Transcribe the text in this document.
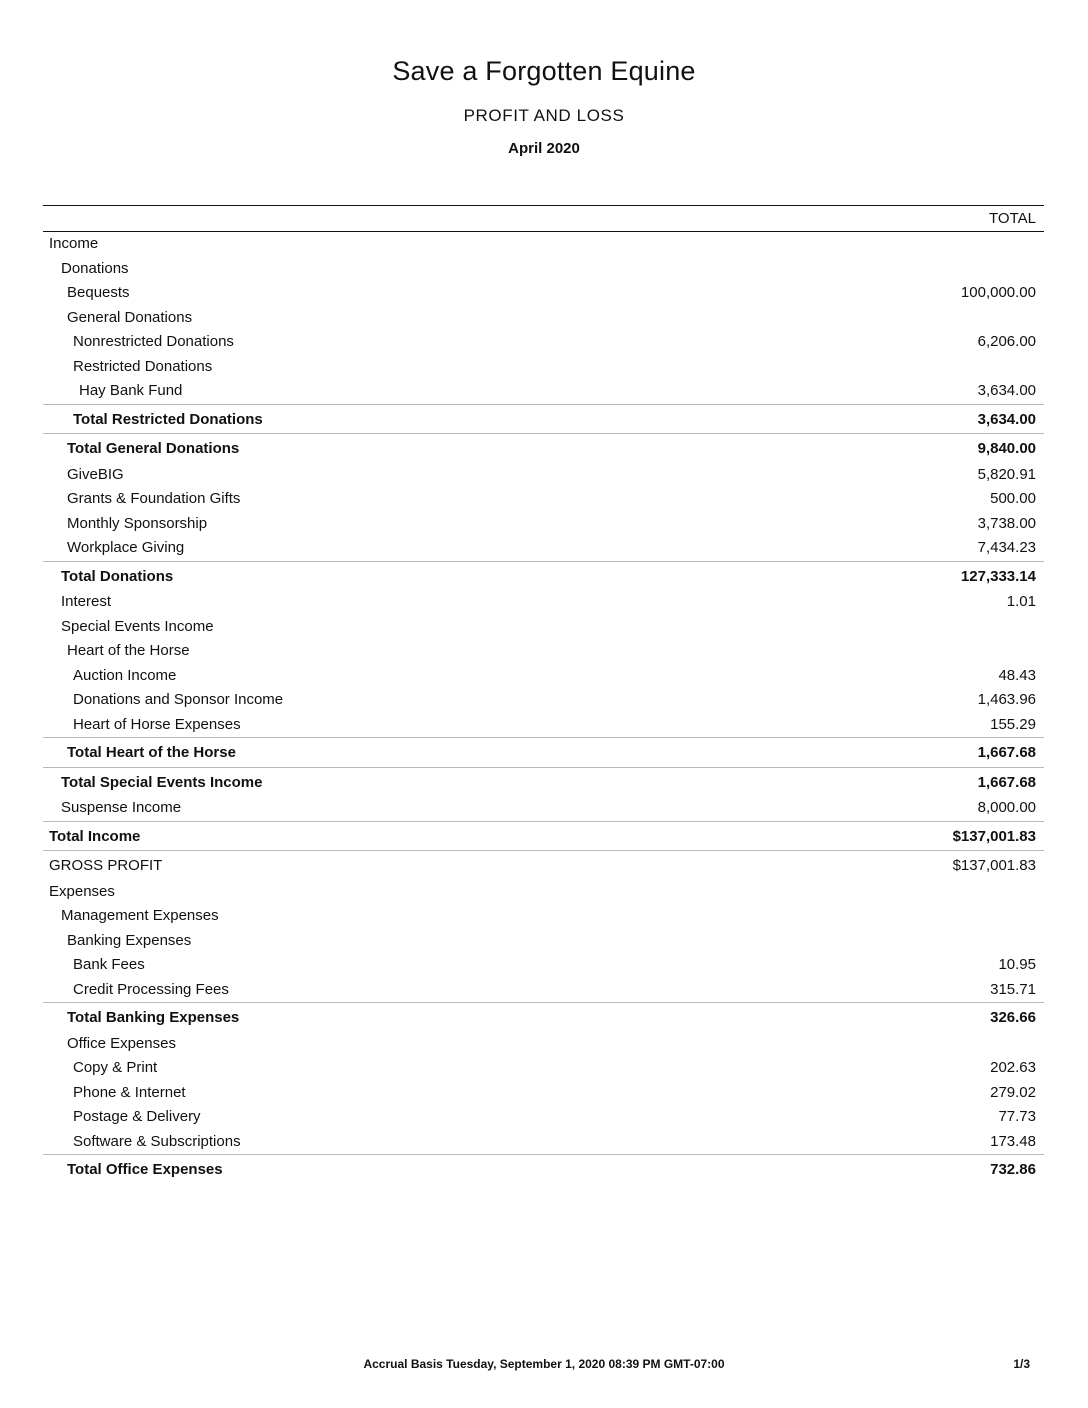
Save a Forgotten Equine
PROFIT AND LOSS
April 2020
TOTAL
Income
Donations
Bequests	100,000.00
General Donations
Nonrestricted Donations	6,206.00
Restricted Donations
Hay Bank Fund	3,634.00
Total Restricted Donations	3,634.00
Total General Donations	9,840.00
GiveBIG	5,820.91
Grants & Foundation Gifts	500.00
Monthly Sponsorship	3,738.00
Workplace Giving	7,434.23
Total Donations	127,333.14
Interest	1.01
Special Events Income
Heart of the Horse
Auction Income	48.43
Donations and Sponsor Income	1,463.96
Heart of Horse Expenses	155.29
Total Heart of the Horse	1,667.68
Total Special Events Income	1,667.68
Suspense Income	8,000.00
Total Income	$137,001.83
GROSS PROFIT	$137,001.83
Expenses
Management Expenses
Banking Expenses
Bank Fees	10.95
Credit Processing Fees	315.71
Total Banking Expenses	326.66
Office Expenses
Copy & Print	202.63
Phone & Internet	279.02
Postage & Delivery	77.73
Software & Subscriptions	173.48
Total Office Expenses	732.86
Accrual Basis Tuesday, September 1, 2020 08:39 PM GMT-07:00	1/3
